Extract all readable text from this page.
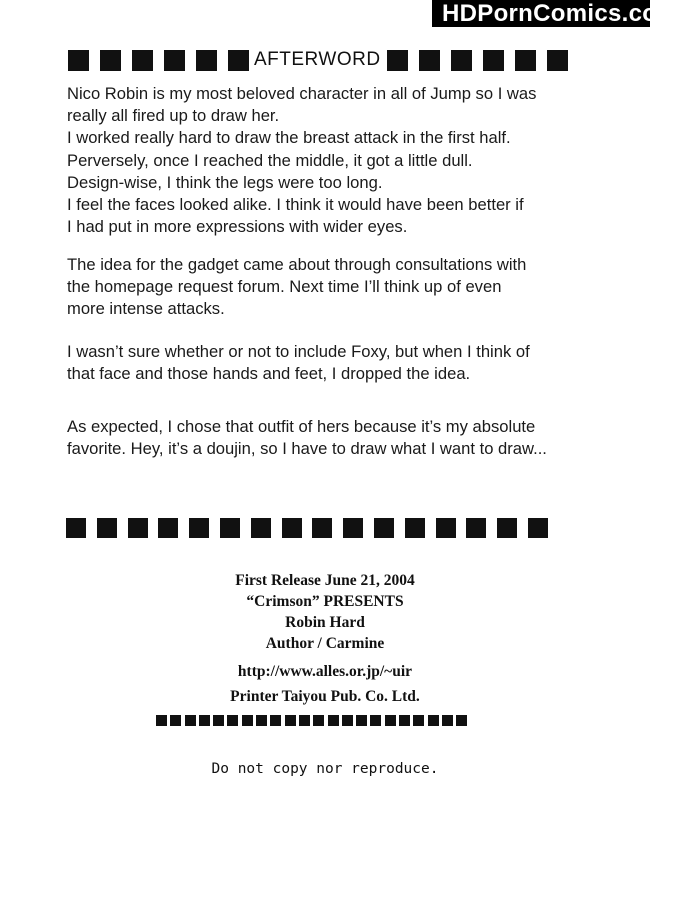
HDPornComics.com
AFTERWORD

Nico Robin is my most beloved character in all of Jump so I was
really all fired up to draw her.
I worked really hard to draw the breast attack in the first half.
Perversely, once I reached the middle, it got a little dull.
Design-wise, I think the legs were too long.
I feel the faces looked alike. I think it would have been better if
I had put in more expressions with wider eyes.

The idea for the gadget came about through consultations with
the homepage request forum. Next time I’ll think up of even
more intense attacks.

I wasn’t sure whether or not to include Foxy, but when I think of
that face and those hands and feet, I dropped the idea.

As expected, I chose that outfit of hers because it’s my absolute
favorite. Hey, it’s a doujin, so I have to draw what I want to draw...

First Release June 21, 2004
“Crimson” PRESENTS
Robin Hard
Author / Carmine
http://www.alles.or.jp/~uir
Printer Taiyou Pub. Co. Ltd.
Do not copy nor reproduce.
